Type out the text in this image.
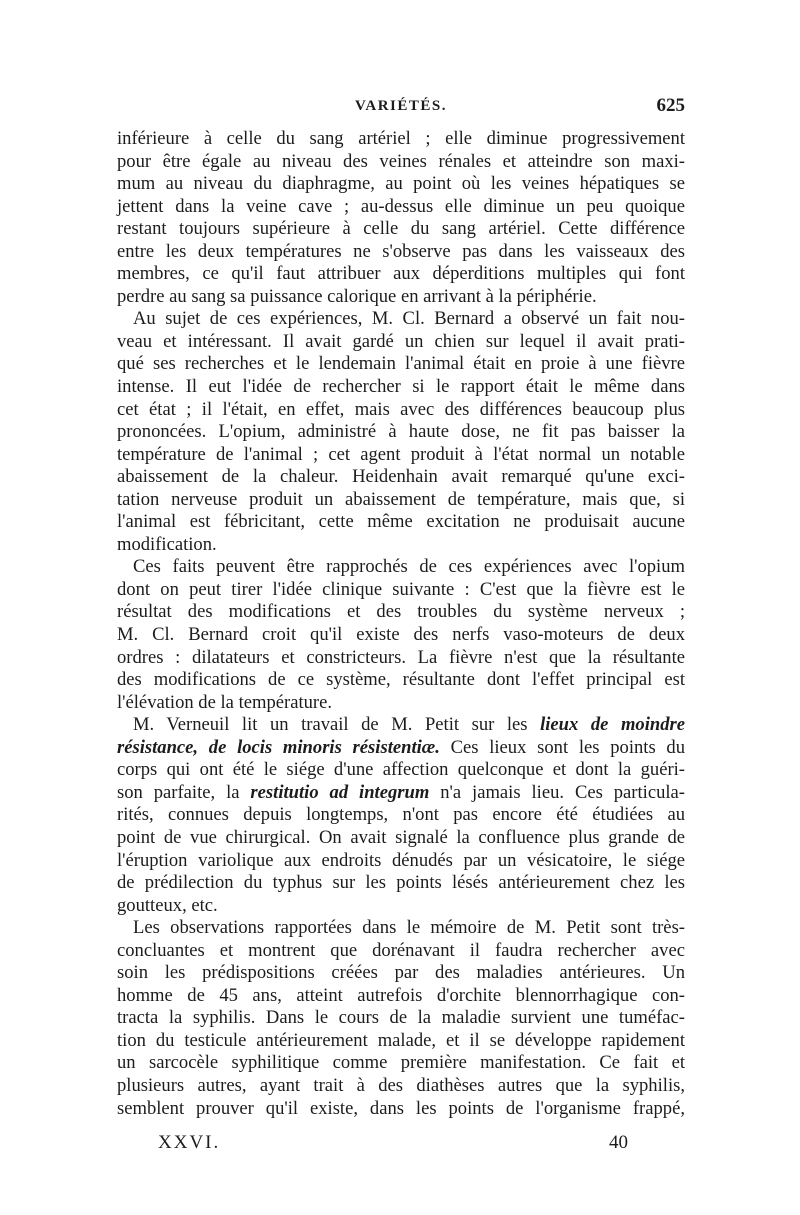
VARIÉTÉS.	625
inférieure à celle du sang artériel ; elle diminue progressivement
pour être égale au niveau des veines rénales et atteindre son maxi-
mum au niveau du diaphragme, au point où les veines hépatiques se
jettent dans la veine cave ; au-dessus elle diminue un peu quoique
restant toujours supérieure à celle du sang artériel. Cette différence
entre les deux températures ne s'observe pas dans les vaisseaux des
membres, ce qu'il faut attribuer aux déperditions multiples qui font
perdre au sang sa puissance calorique en arrivant à la périphérie.
Au sujet de ces expériences, M. Cl. Bernard a observé un fait nou-
veau et intéressant. Il avait gardé un chien sur lequel il avait prati-
qué ses recherches et le lendemain l'animal était en proie à une fièvre
intense. Il eut l'idée de rechercher si le rapport était le même dans
cet état ; il l'était, en effet, mais avec des différences beaucoup plus
prononcées. L'opium, administré à haute dose, ne fit pas baisser la
température de l'animal ; cet agent produit à l'état normal un notable
abaissement de la chaleur. Heidenhain avait remarqué qu'une exci-
tation nerveuse produit un abaissement de température, mais que, si
l'animal est fébricitant, cette même excitation ne produisait aucune
modification.
Ces faits peuvent être rapprochés de ces expériences avec l'opium
dont on peut tirer l'idée clinique suivante : C'est que la fièvre est le
résultat des modifications et des troubles du système nerveux ;
M. Cl. Bernard croit qu'il existe des nerfs vaso-moteurs de deux
ordres : dilatateurs et constricteurs. La fièvre n'est que la résultante
des modifications de ce système, résultante dont l'effet principal est
l'élévation de la température.
M. Verneuil lit un travail de M. Petit sur les lieux de moindre
résistance, de locis minoris résistentiæ. Ces lieux sont les points du
corps qui ont été le siége d'une affection quelconque et dont la guéri-
son parfaite, la restitutio ad integrum n'a jamais lieu. Ces particula-
rités, connues depuis longtemps, n'ont pas encore été étudiées au
point de vue chirurgical. On avait signalé la confluence plus grande de
l'éruption variolique aux endroits dénudés par un vésicatoire, le siége
de prédilection du typhus sur les points lésés antérieurement chez les
goutteux, etc.
Les observations rapportées dans le mémoire de M. Petit sont très-
concluantes et montrent que dorénavant il faudra rechercher avec
soin les prédispositions créées par des maladies antérieures. Un
homme de 45 ans, atteint autrefois d'orchite blennorrhagique con-
tracta la syphilis. Dans le cours de la maladie survient une tuméfac-
tion du testicule antérieurement malade, et il se développe rapidement
un sarcocèle syphilitique comme première manifestation. Ce fait et
plusieurs autres, ayant trait à des diathèses autres que la syphilis,
semblent prouver qu'il existe, dans les points de l'organisme frappé,
XXVI.	40
